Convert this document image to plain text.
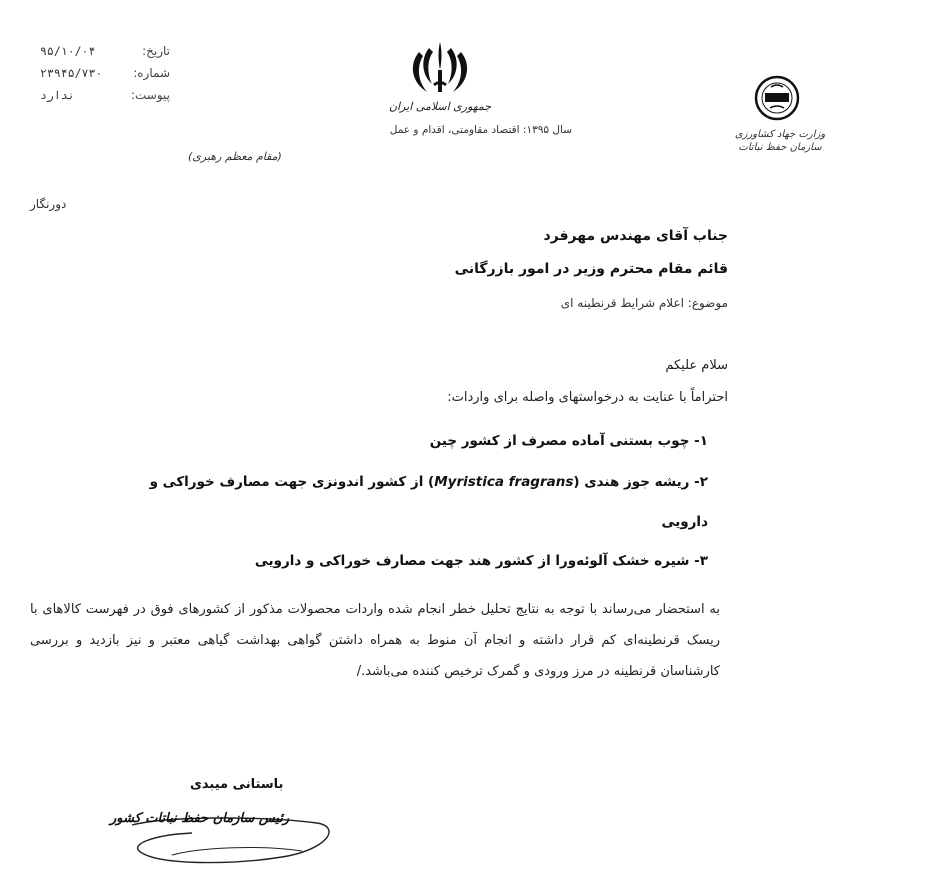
تاریخ:
۹۵/۱۰/۰۴
شماره:
۲۳۹۴۵/۷۳۰
پیوست:
ندارد
(مقام معظم رهبری)
جمهوری اسلامی ایران
سال ۱۳۹۵: اقتصاد مقاومتی، اقدام و عمل	وزارت جهاد کشاورزی
سازمان حفظ نباتات
دورنگار
جناب آقای مهندس مهرفرد
قائم مقام محترم وزیر در امور بازرگانی
موضوع: اعلام شرایط قرنطینه ای
سلام علیکم
احتراماً با عنایت به درخواستهای واصله برای واردات:
۱- چوب بستنی آماده مصرف از کشور چین
۲- ریشه جوز هندی (Myristica fragrans) از کشور اندونزی جهت مصارف خوراکی و
دارویی
۳- شیره خشک آلوئه‌ورا از کشور هند جهت مصارف خوراکی و دارویی
به استحضار می‌رساند با توجه به نتایج تحلیل خطر انجام شده واردات محصولات مذکور از کشورهای فوق در فهرست کالاهای با ریسک قرنطینه‌ای کم قرار داشته و انجام آن منوط به همراه داشتن گواهی بهداشت گیاهی معتبر و نیز بازدید و بررسی کارشناسان قرنطینه در مرز ورودی و گمرک ترخیص کننده می‌باشد./
باستانی میبدی
رئیس سازمان حفظ نباتات کشور
